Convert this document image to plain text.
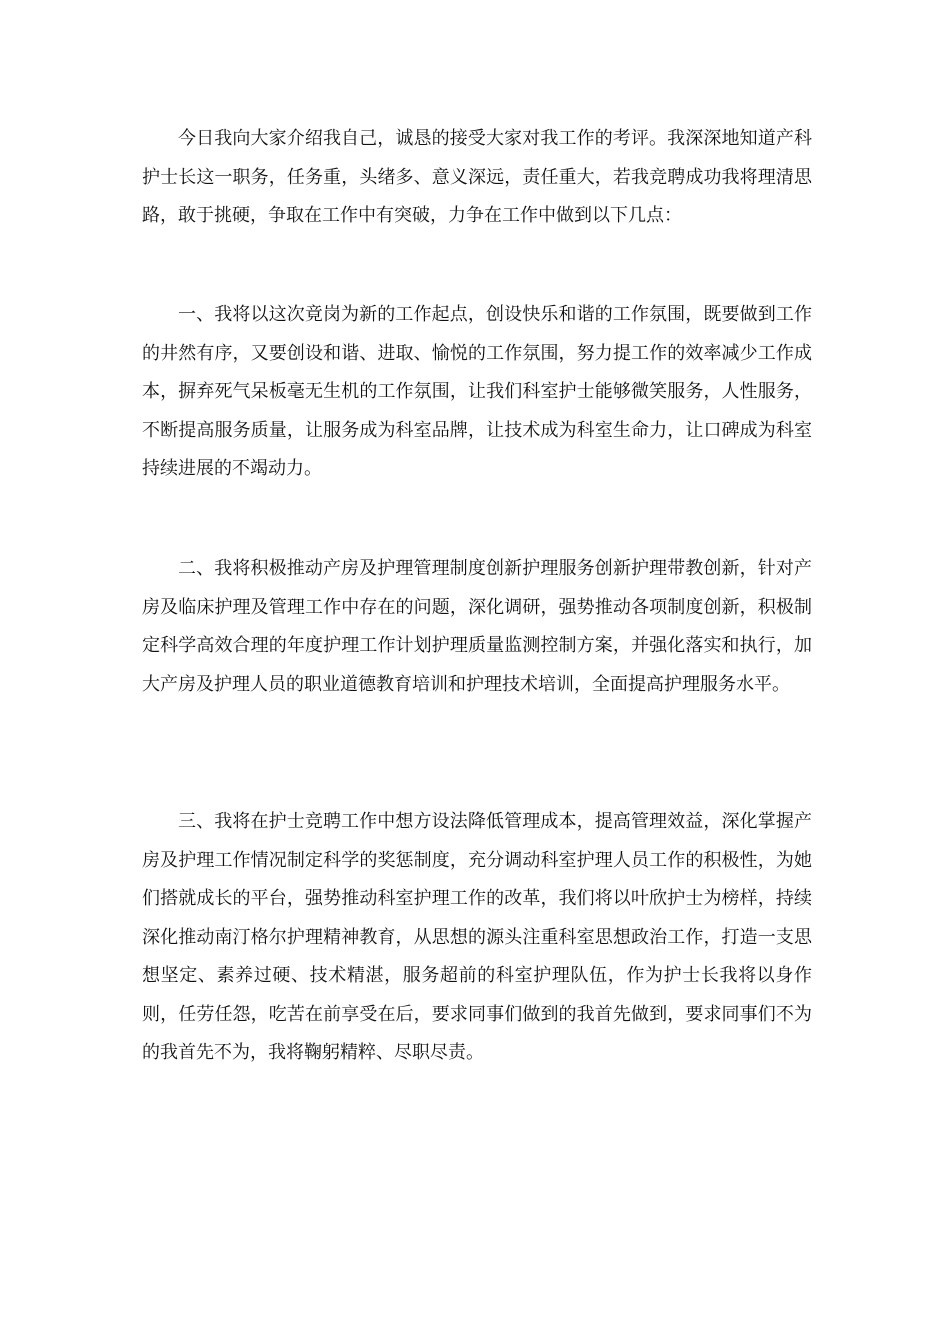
今日我向大家介绍我自己，诚恳的接受大家对我工作的考评。我深深地知道产科护士长这一职务，任务重，头绪多、意义深远，责任重大，若我竞聘成功我将理清思路，敢于挑硬，争取在工作中有突破，力争在工作中做到以下几点：

一、我将以这次竟岗为新的工作起点，创设快乐和谐的工作氛围，既要做到工作的井然有序，又要创设和谐、进取、愉悦的工作氛围，努力提工作的效率减少工作成本，摒弃死气呆板毫无生机的工作氛围，让我们科室护士能够微笑服务，人性服务，不断提高服务质量，让服务成为科室品牌，让技术成为科室生命力，让口碑成为科室持续进展的不竭动力。

二、我将积极推动产房及护理管理制度创新护理服务创新护理带教创新，针对产房及临床护理及管理工作中存在的问题，深化调研，强势推动各项制度创新，积极制定科学高效合理的年度护理工作计划护理质量监测控制方案，并强化落实和执行，加大产房及护理人员的职业道德教育培训和护理技术培训，全面提高护理服务水平。

三、我将在护士竞聘工作中想方设法降低管理成本，提高管理效益，深化掌握产房及护理工作情况制定科学的奖惩制度，充分调动科室护理人员工作的积极性，为她们搭就成长的平台，强势推动科室护理工作的改革，我们将以叶欣护士为榜样，持续深化推动南汀格尔护理精神教育，从思想的源头注重科室思想政治工作，打造一支思想坚定、素养过硬、技术精湛，服务超前的科室护理队伍，作为护士长我将以身作则，任劳任怨，吃苦在前享受在后，要求同事们做到的我首先做到，要求同事们不为的我首先不为，我将鞠躬精粹、尽职尽责。
